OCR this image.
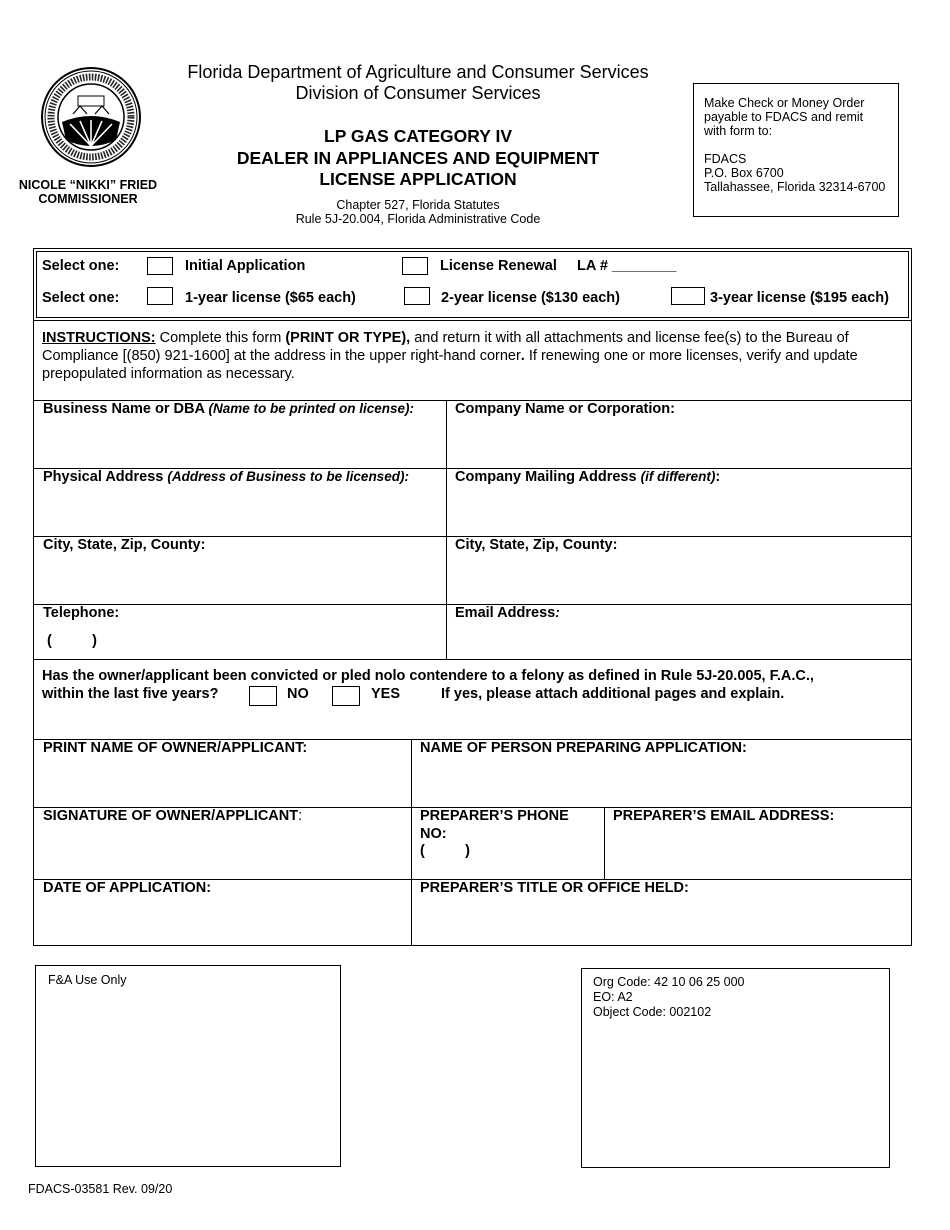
NICOLE “NIKKI” FRIED
COMMISSIONER
Florida Department of Agriculture and Consumer Services
Division of Consumer Services
LP GAS CATEGORY IV
DEALER IN APPLIANCES AND EQUIPMENT
LICENSE APPLICATION
Chapter 527, Florida Statutes
Rule 5J-20.004, Florida Administrative Code
Make Check or Money Order
payable to FDACS and remit
with form to:
FDACS
P.O. Box 6700
Tallahassee, Florida 32314-6700
Select one:	Initial Application	License Renewal LA # ________
Select one:	1-year license ($65 each)	2-year license ($130 each)	3-year license ($195 each)
INSTRUCTIONS: Complete this form (PRINT OR TYPE), and return it with all attachments and license fee(s) to the Bureau of Compliance [(850) 921-1600] at the address in the upper right-hand corner. If renewing one or more licenses, verify and update prepopulated information as necessary.
Business Name or DBA (Name to be printed on license):	Company Name or Corporation:
Physical Address (Address of Business to be licensed):	Company Mailing Address (if different):
City, State, Zip, County:	City, State, Zip, County:
Telephone:
(          )
Email Address:
Has the owner/applicant been convicted or pled nolo contendere to a felony as defined in Rule 5J-20.005, F.A.C.,
within the last five years?	NO	YES	If yes, please attach additional pages and explain.
PRINT NAME OF OWNER/APPLICANT:	NAME OF PERSON PREPARING APPLICATION:
SIGNATURE OF OWNER/APPLICANT:	PREPARER’S PHONE
NO:
(          )
PREPARER’S EMAIL ADDRESS:
DATE OF APPLICATION:	PREPARER’S TITLE OR OFFICE HELD:
F&A Use Only	Org Code: 42 10 06 25 000
EO: A2
Object Code: 002102
FDACS-03581 Rev. 09/20
